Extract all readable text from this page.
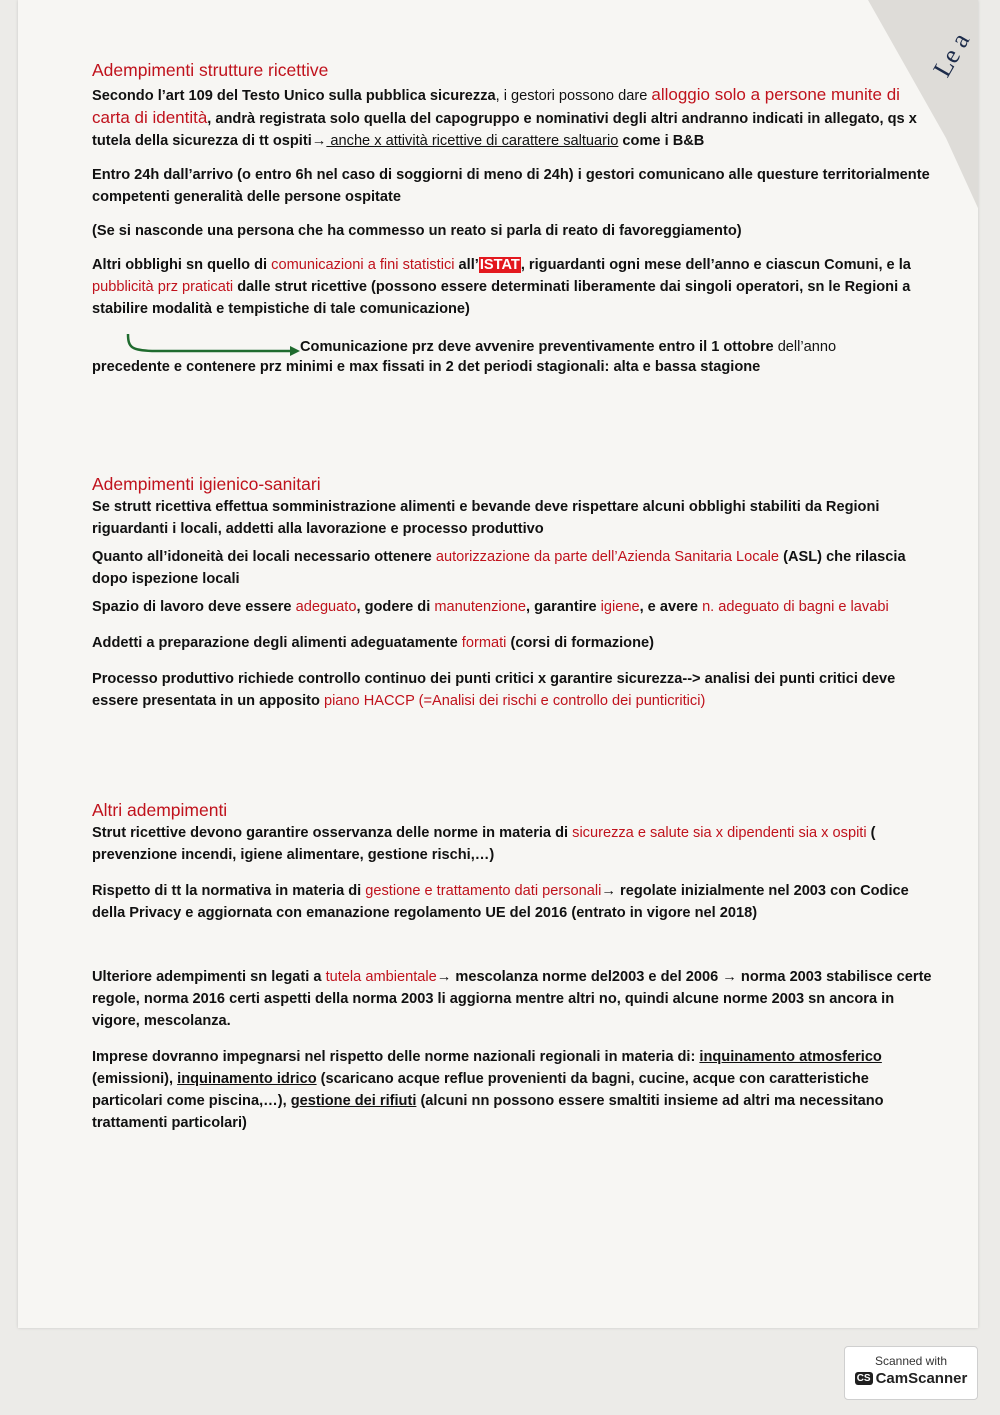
Le a
Adempimenti strutture ricettive

Secondo l’art 109 del Testo Unico sulla pubblica sicurezza, i gestori possono dare alloggio solo a persone munite di carta di identità, andrà registrata solo quella del capogruppo e nominativi degli altri andranno indicati in allegato, qs x tutela della sicurezza di tt ospiti→ anche x attività ricettive di carattere saltuario come i B&B

Entro 24h dall’arrivo (o entro 6h nel caso di soggiorni di meno di 24h) i gestori comunicano alle questure territorialmente competenti generalità delle persone ospitate

(Se si nasconde una persona che ha commesso un reato si parla di reato di favoreggiamento)

Altri obblighi sn quello di comunicazioni a fini statistici all’ISTAT, riguardanti ogni mese dell’anno e ciascun Comuni, e la pubblicità prz praticati dalle strut ricettive (possono essere determinati liberamente dai singoli operatori, sn le Regioni a stabilire modalità e tempistiche di tale comunicazione)

Comunicazione prz deve avvenire preventivamente entro il 1 ottobre dell’anno

precedente e contenere prz minimi e max fissati in 2 det periodi stagionali: alta e bassa stagione

Adempimenti igienico-sanitari

Se strutt ricettiva effettua somministrazione alimenti e bevande deve rispettare alcuni obblighi stabiliti da Regioni riguardanti i locali, addetti alla lavorazione e processo produttivo

Quanto all’idoneità dei locali necessario ottenere autorizzazione da parte dell’Azienda Sanitaria Locale (ASL) che rilascia dopo ispezione locali

Spazio di lavoro deve essere adeguato, godere di manutenzione, garantire igiene, e avere n. adeguato di bagni e lavabi

Addetti a preparazione degli alimenti adeguatamente formati (corsi di formazione)

Processo produttivo richiede controllo continuo dei punti critici x garantire sicurezza--> analisi dei punti critici deve essere presentata in un apposito piano HACCP (=Analisi dei rischi e controllo dei punticritici)

Altri adempimenti

Strut ricettive devono garantire osservanza delle norme in materia di sicurezza e salute sia x dipendenti sia x ospiti ( prevenzione incendi, igiene alimentare, gestione rischi,…)

Rispetto di tt la normativa in materia di gestione e trattamento dati personali→ regolate inizialmente nel 2003 con Codice della Privacy e aggiornata con emanazione regolamento UE del 2016 (entrato in vigore nel 2018)

Ulteriore adempimenti sn legati a tutela ambientale→ mescolanza norme del2003 e del 2006 → norma 2003 stabilisce certe regole, norma 2016 certi aspetti della norma 2003 li aggiorna mentre altri no, quindi alcune norme 2003 sn ancora in vigore, mescolanza.

Imprese dovranno impegnarsi nel rispetto delle norme nazionali regionali in materia di: inquinamento atmosferico (emissioni), inquinamento idrico (scaricano acque reflue provenienti da bagni, cucine, acque con caratteristiche particolari come piscina,…), gestione dei rifiuti (alcuni nn possono essere smaltiti insieme ad altri ma necessitano trattamenti particolari)

Scanned with
CS CamScanner
